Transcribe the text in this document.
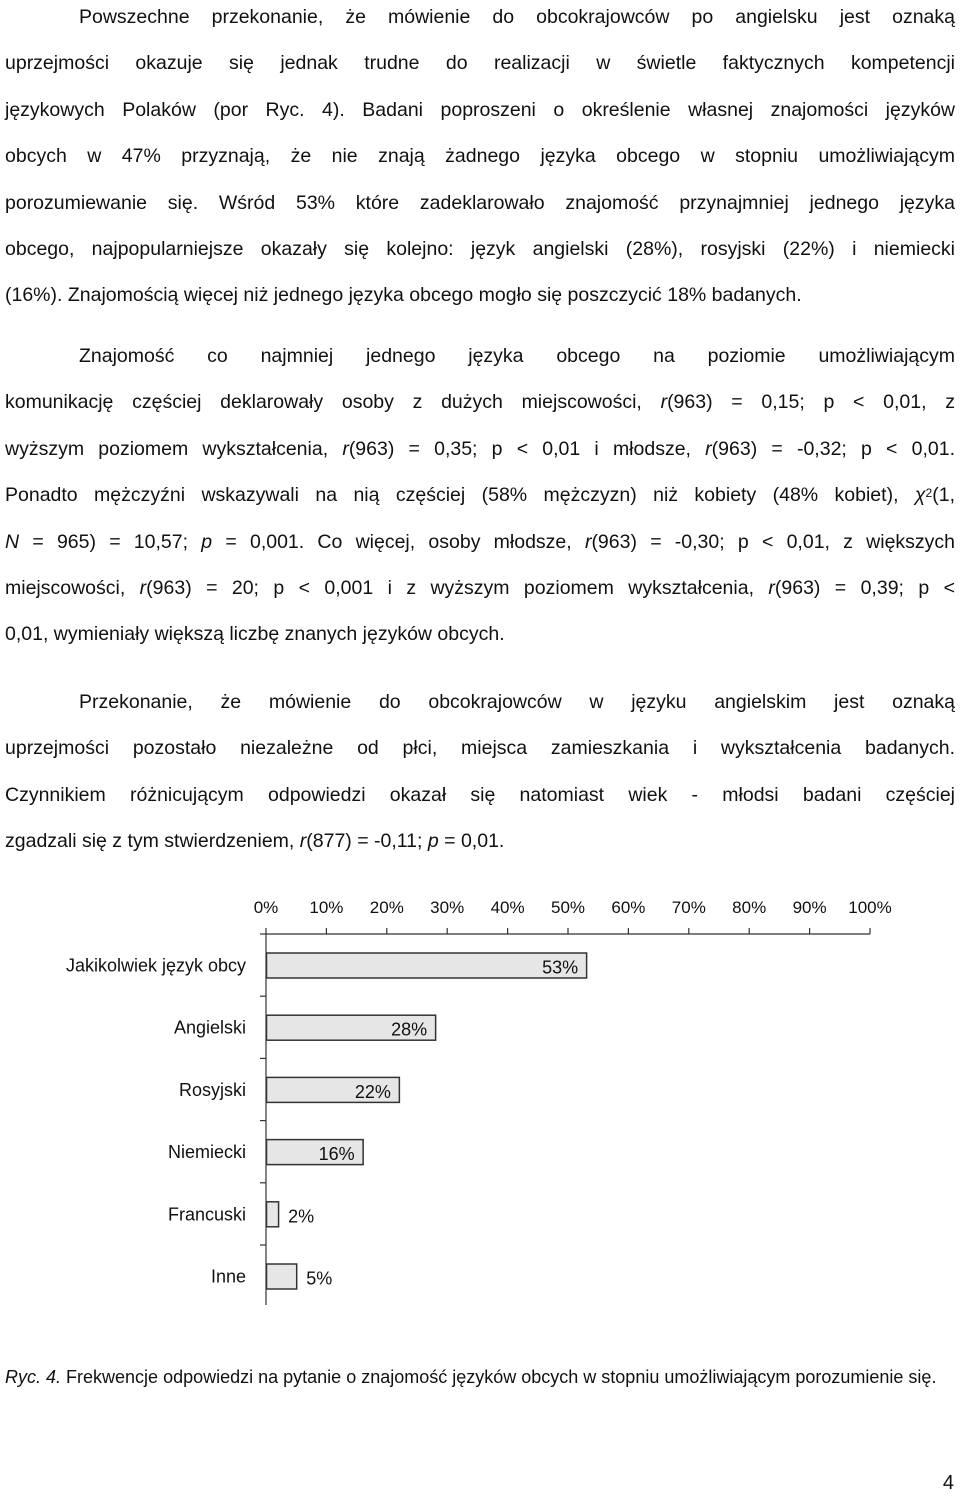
Powszechne przekonanie, że mówienie do obcokrajowców po angielsku jest oznaką
uprzejmości okazuje się jednak trudne do realizacji w świetle faktycznych kompetencji
językowych Polaków (por Ryc. 4). Badani poproszeni o określenie własnej znajomości języków
obcych w 47% przyznają, że nie znają żadnego języka obcego w stopniu umożliwiającym
porozumiewanie się. Wśród 53% które zadeklarowało znajomość przynajmniej jednego języka
obcego, najpopularniejsze okazały się kolejno: język angielski (28%), rosyjski (22%) i niemiecki
(16%). Znajomością więcej niż jednego języka obcego mogło się poszczycić 18% badanych.
Znajomość co najmniej jednego języka obcego na poziomie umożliwiającym
komunikację częściej deklarowały osoby z dużych miejscowości, r(963) = 0,15; p < 0,01, z
wyższym poziomem wykształcenia, r(963) = 0,35; p < 0,01 i młodsze, r(963) = -0,32; p < 0,01.
Ponadto mężczyźni wskazywali na nią częściej (58% mężczyzn) niż kobiety (48% kobiet), $\chi^2(1$,
N = 965) = 10,57; p = 0,001. Co więcej, osoby młodsze, r(963) = -0,30; p < 0,01, z większych
miejscowości, r(963) = 20; p < 0,001 i z wyższym poziomem wykształcenia, r(963) = 0,39; p <
0,01, wymieniały większą liczbę znanych języków obcych.
Przekonanie, że mówienie do obcokrajowców w języku angielskim jest oznaką
uprzejmości pozostało niezależne od płci, miejsca zamieszkania i wykształcenia badanych.
Czynnikiem różnicującym odpowiedzi okazał się natomiast wiek - młodsi badani częściej
zgadzali się z tym stwierdzeniem, r(877) = -0,11; p = 0,01.
0% 10% 20% 30% 40% 50% 60% 70% 80% 90% 100%
Jakikolwiek język obcy	53%
Angielski	28%
Rosyjski	22%
Niemiecki	16%
Francuski 2%
Inne	5%
Ryc. 4. Frekwencje odpowiedzi na pytanie o znajomość języków obcych w stopniu umożliwiającym porozumienie się.
4
